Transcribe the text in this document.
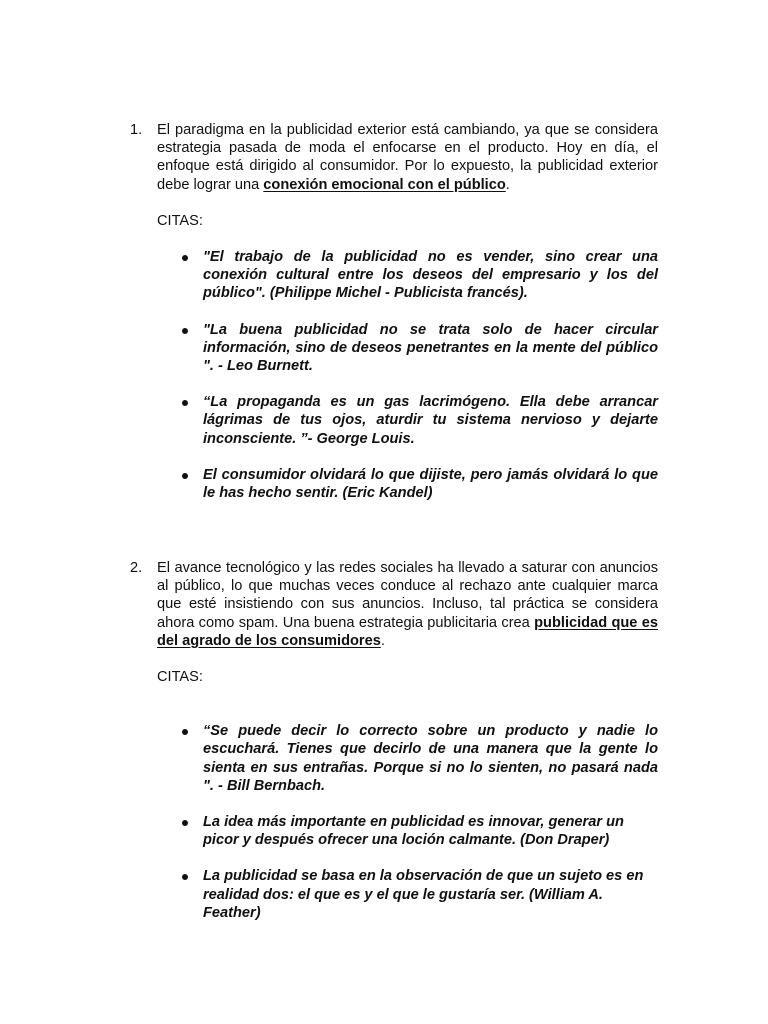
1.	El paradigma en la publicidad exterior está cambiando, ya que se considera estrategia pasada de moda el enfocarse en el producto. Hoy en día, el enfoque está dirigido al consumidor. Por lo expuesto, la publicidad exterior debe lograr una conexión emocional con el público.
CITAS:
"El trabajo de la publicidad no es vender, sino crear una conexión cultural entre los deseos del empresario y los del público". (Philippe Michel - Publicista francés).
"La buena publicidad no se trata solo de hacer circular información, sino de deseos penetrantes en la mente del público ". - Leo Burnett.
“La propaganda es un gas lacrimógeno. Ella debe arrancar lágrimas de tus ojos, aturdir tu sistema nervioso y dejarte inconsciente. ”- George Louis.
El consumidor olvidará lo que dijiste, pero jamás olvidará lo que le has hecho sentir. (Eric Kandel)
2.	El avance tecnológico y las redes sociales ha llevado a saturar con anuncios al público, lo que muchas veces conduce al rechazo ante cualquier marca que esté insistiendo con sus anuncios. Incluso, tal práctica se considera ahora como spam. Una buena estrategia publicitaria crea publicidad que es del agrado de los consumidores.
CITAS:
“Se puede decir lo correcto sobre un producto y nadie lo escuchará. Tienes que decirlo de una manera que la gente lo sienta en sus entrañas. Porque si no lo sienten, no pasará nada ". - Bill Bernbach.
La idea más importante en publicidad es innovar, generar un picor y después ofrecer una loción calmante. (Don Draper)
La publicidad se basa en la observación de que un sujeto es en realidad dos: el que es y el que le gustaría ser. (William A. Feather)
